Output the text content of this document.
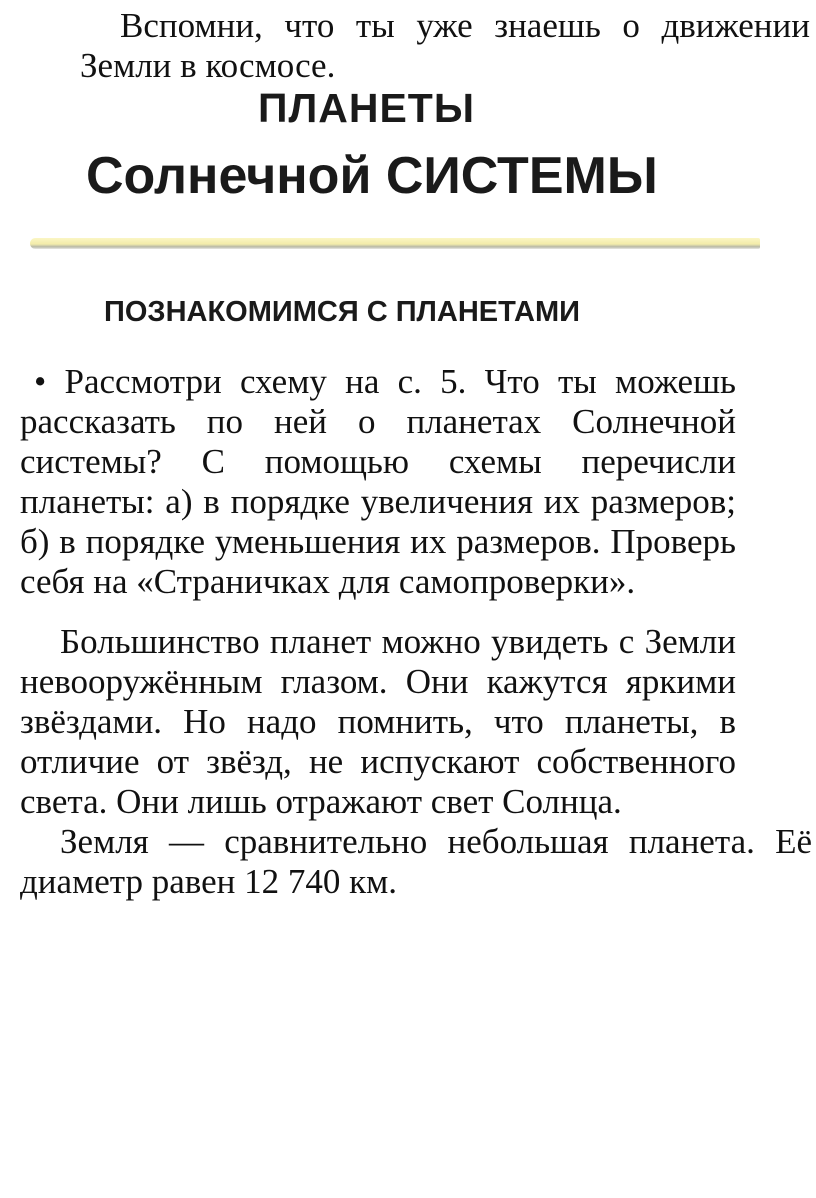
Вспомни, что ты уже знаешь о движении

Земли в космосе.

ПЛАНЕТЫ
Солнечной СИСТЕМЫ
ПОЗНАКОМИМСЯ С ПЛАНЕТАМИ

• Рассмотри схему на с. 5. Что ты можешь

рассказать по ней о планетах Солнечной

системы? С помощью схемы перечисли

планеты: а) в порядке увеличения их размеров;

б) в порядке уменьшения их размеров. Проверь

себя на «Страничках для самопроверки».

Большинство планет можно увидеть с Земли

невооружённым глазом. Они кажутся яркими

звёздами. Но надо помнить, что планеты, в

отличие от звёзд, не испускают собственного

света. Они лишь отражают свет Солнца.

Земля — сравнительно небольшая планета. Её

диаметр равен 12 740 км.
